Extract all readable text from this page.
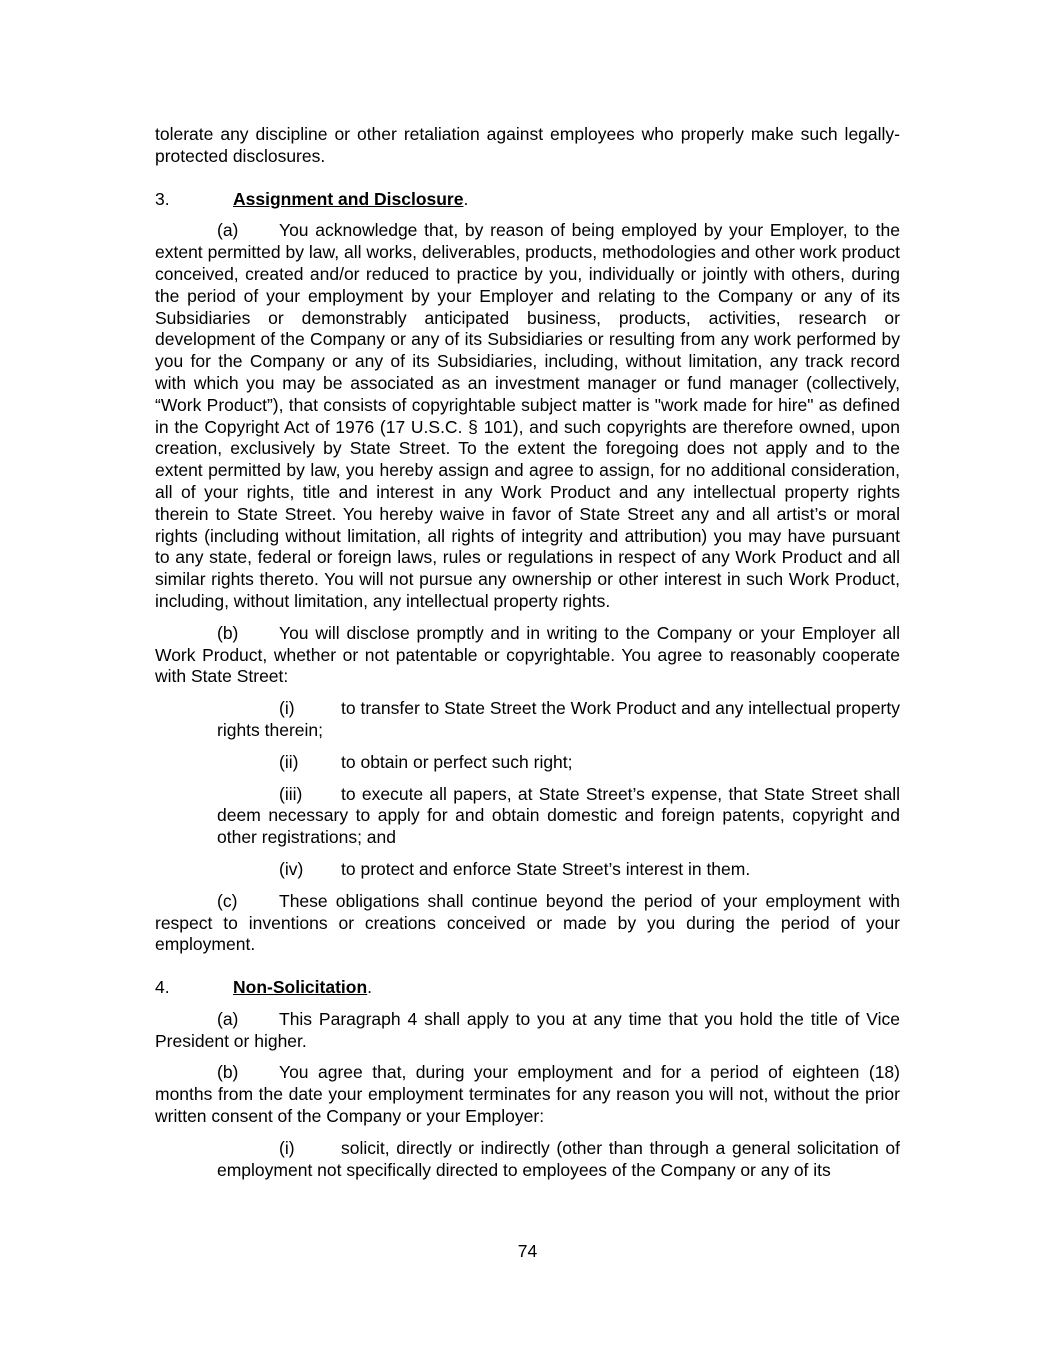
tolerate any discipline or other retaliation against employees who properly make such legally-protected disclosures.

3.	Assignment and Disclosure.

(a) You acknowledge that, by reason of being employed by your Employer, to the extent permitted by law, all works, deliverables, products, methodologies and other work product conceived, created and/or reduced to practice by you, individually or jointly with others, during the period of your employment by your Employer and relating to the Company or any of its Subsidiaries or demonstrably anticipated business, products, activities, research or development of the Company or any of its Subsidiaries or resulting from any work performed by you for the Company or any of its Subsidiaries, including, without limitation, any track record with which you may be associated as an investment manager or fund manager (collectively, “Work Product”), that consists of copyrightable subject matter is "work made for hire" as defined in the Copyright Act of 1976 (17 U.S.C. § 101), and such copyrights are therefore owned, upon creation, exclusively by State Street. To the extent the foregoing does not apply and to the extent permitted by law, you hereby assign and agree to assign, for no additional consideration, all of your rights, title and interest in any Work Product and any intellectual property rights therein to State Street. You hereby waive in favor of State Street any and all artist’s or moral rights (including without limitation, all rights of integrity and attribution) you may have pursuant to any state, federal or foreign laws, rules or regulations in respect of any Work Product and all similar rights thereto. You will not pursue any ownership or other interest in such Work Product, including, without limitation, any intellectual property rights.

(b) You will disclose promptly and in writing to the Company or your Employer all Work Product, whether or not patentable or copyrightable. You agree to reasonably cooperate with State Street:

(i)	to transfer to State Street the Work Product and any intellectual property rights therein;

(ii) to obtain or perfect such right;

(iii) to execute all papers, at State Street’s expense, that State Street shall deem necessary to apply for and obtain domestic and foreign patents, copyright and other registrations; and

(iv) to protect and enforce State Street’s interest in them.

(c) These obligations shall continue beyond the period of your employment with respect to inventions or creations conceived or made by you during the period of your employment.

4.	Non-Solicitation.

(a) This Paragraph 4 shall apply to you at any time that you hold the title of Vice President or higher.

(b) You agree that, during your employment and for a period of eighteen (18) months from the date your employment terminates for any reason you will not, without the prior written consent of the Company or your Employer:

(i)	solicit, directly or indirectly (other than through a general solicitation of employment not specifically directed to employees of the Company or any of its

74
